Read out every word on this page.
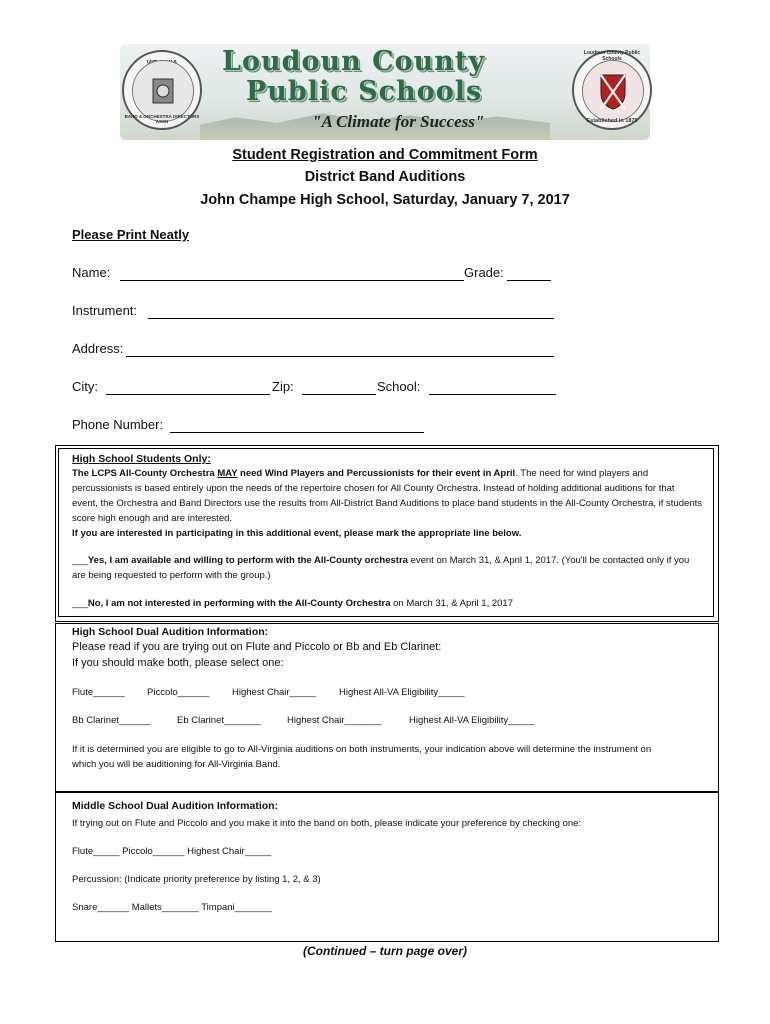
BAND & ORCHESTRA DIRECTORS ASSN
Loudoun County
Public Schools
"A Climate for Success"
Loudoun County Public Schools
Established in 1870
Student Registration and Commitment Form
District Band Auditions
John Champe High School, Saturday, January 7, 2017
Please Print Neatly
Name:	Grade:
Instrument:
Address:
City:	Zip:	School:
Phone Number:
High School Students Only:
The LCPS All-County Orchestra MAY need Wind Players and Percussionists for their event in April. The need for wind players and percussionists is based entirely upon the needs of the repertoire chosen for All County Orchestra. Instead of holding additional auditions for that event, the Orchestra and Band Directors use the results from All-District Band Auditions to place band students in the All-County Orchestra, if students score high enough and are interested.
If you are interested in participating in this additional event, please mark the appropriate line below.
___Yes, I am available and willing to perform with the All-County orchestra event on March 31, & April 1, 2017. (You'll be contacted only if you are being requested to perform with the group.)
___No, I am not interested in performing with the All-County Orchestra on March 31, & April 1, 2017
High School Dual Audition Information:
Please read if you are trying out on Flute and Piccolo or Bb and Eb Clarinet:
If you should make both, please select one:
Flute______ Piccolo______ Highest Chair_____ Highest All-VA Eligibility_____
Bb Clarinet______	Eb Clarinet_______	Highest Chair_______	Highest All-VA Eligibility_____
If it is determined you are eligible to go to All-Virginia auditions on both instruments, your indication above will determine the instrument on which you will be auditioning for All-Virginia Band.
Middle School Dual Audition Information:
If trying out on Flute and Piccolo and you make it into the band on both, please indicate your preference by checking one:
Flute_____ Piccolo______ Highest Chair_____
Percussion: (Indicate priority preference by listing 1, 2, & 3)
Snare______ Mallets_______ Timpani_______
(Continued – turn page over)
